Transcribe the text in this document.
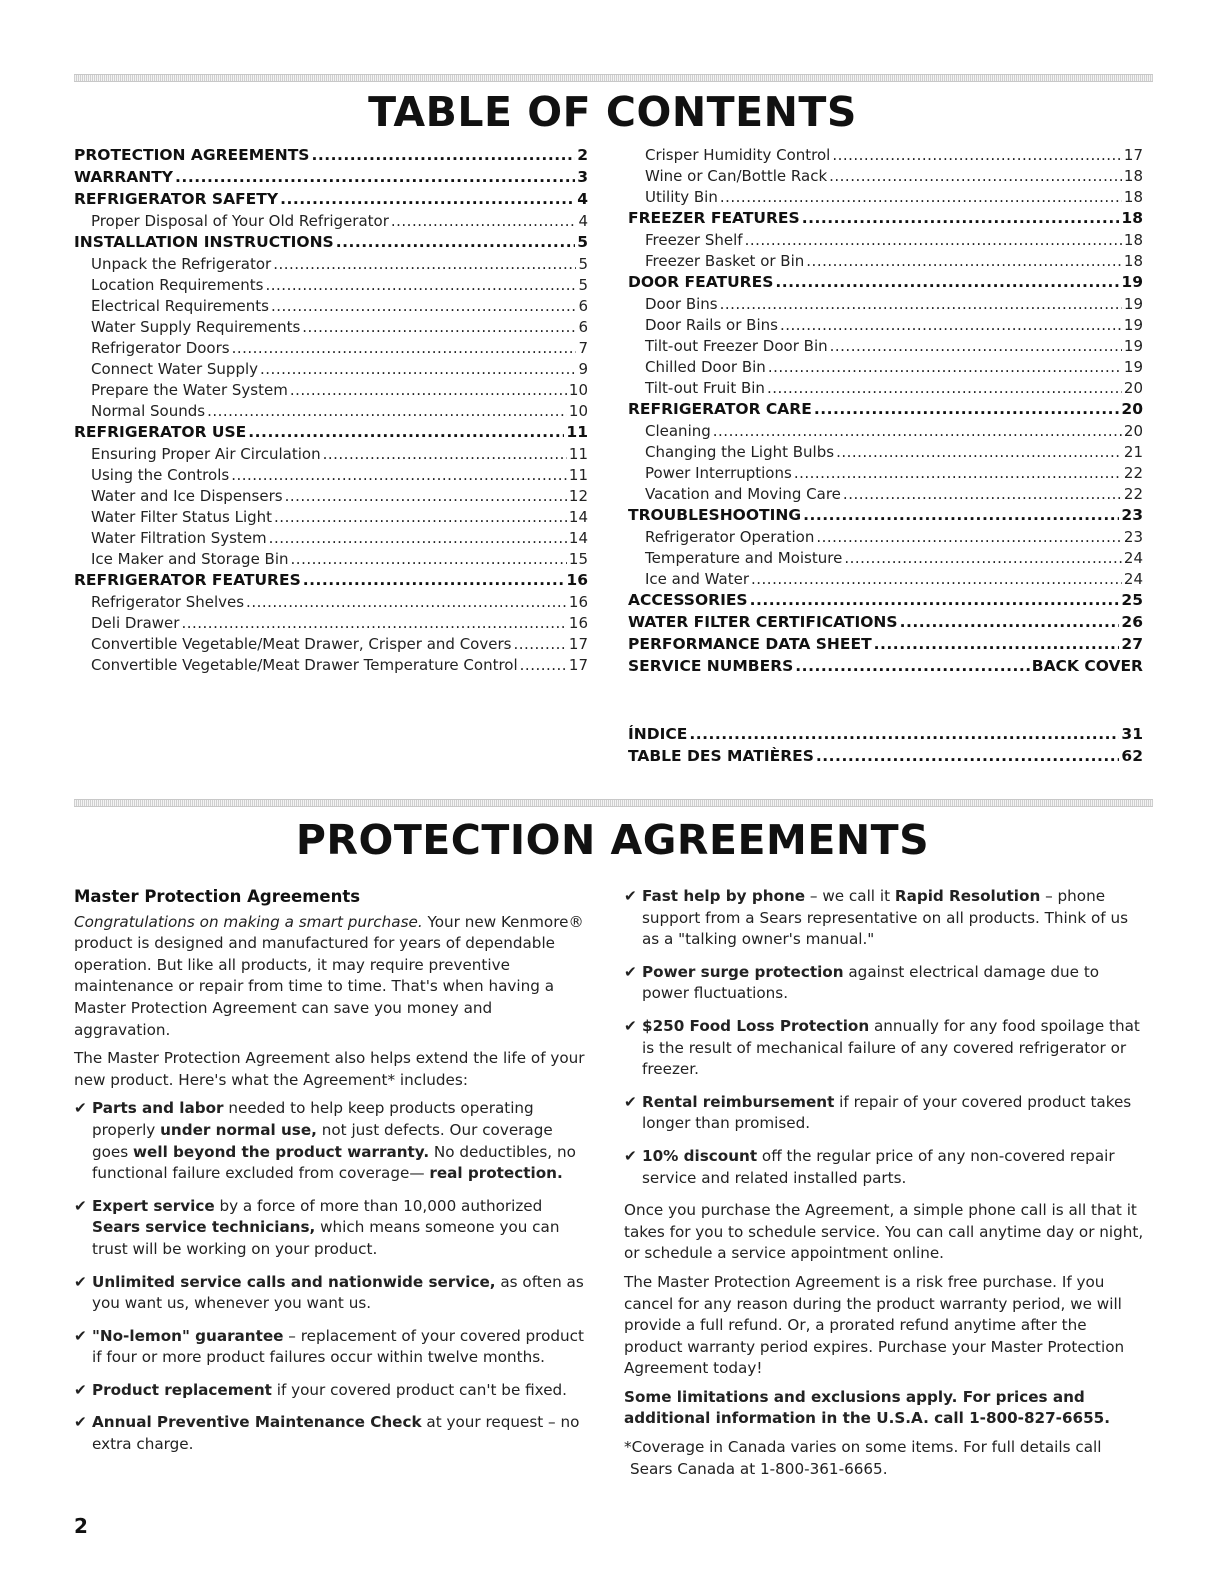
TABLE OF CONTENTS
PROTECTION AGREEMENTS .....	2
WARRANTY .....	3
REFRIGERATOR SAFETY .....	4
Proper Disposal of Your Old Refrigerator .....	4
INSTALLATION INSTRUCTIONS .....	5
Unpack the Refrigerator .....	5
Location Requirements .....	5
Electrical Requirements .....	6
Water Supply Requirements .....	6
Refrigerator Doors .....	7
Connect Water Supply .....	9
Prepare the Water System .....	10
Normal Sounds .....	10
REFRIGERATOR USE .....	11
Ensuring Proper Air Circulation .....	11
Using the Controls .....	11
Water and Ice Dispensers .....	12
Water Filter Status Light .....	14
Water Filtration System .....	14
Ice Maker and Storage Bin .....	15
REFRIGERATOR FEATURES .....	16
Refrigerator Shelves .....	16
Deli Drawer .....	16
Convertible Vegetable/Meat Drawer, Crisper and Covers .....	17
Convertible Vegetable/Meat Drawer Temperature Control .....	17
Crisper Humidity Control .....	17
Wine or Can/Bottle Rack .....	18
Utility Bin .....	18
FREEZER FEATURES .....	18
Freezer Shelf .....	18
Freezer Basket or Bin .....	18
DOOR FEATURES .....	19
Door Bins .....	19
Door Rails or Bins .....	19
Tilt-out Freezer Door Bin .....	19
Chilled Door Bin .....	19
Tilt-out Fruit Bin .....	20
REFRIGERATOR CARE .....	20
Cleaning .....	20
Changing the Light Bulbs .....	21
Power Interruptions .....	22
Vacation and Moving Care .....	22
TROUBLESHOOTING .....	23
Refrigerator Operation .....	23
Temperature and Moisture .....	24
Ice and Water .....	24
ACCESSORIES .....	25
WATER FILTER CERTIFICATIONS .....	26
PERFORMANCE DATA SHEET .....	27
SERVICE NUMBERS .....	BACK COVER
ÍNDICE .....	31
TABLE DES MATIÈRES .....	62
PROTECTION AGREEMENTS
Master Protection Agreements

Congratulations on making a smart purchase. Your new Kenmore® product is designed and manufactured for years of dependable operation. But like all products, it may require preventive maintenance or repair from time to time. That's when having a Master Protection Agreement can save you money and aggravation.

The Master Protection Agreement also helps extend the life of your new product. Here's what the Agreement* includes:

✔ Parts and labor needed to help keep products operating properly under normal use, not just defects. Our coverage goes well beyond the product warranty. No deductibles, no functional failure excluded from coverage— real protection.
✔ Expert service by a force of more than 10,000 authorized Sears service technicians, which means someone you can trust will be working on your product.
✔ Unlimited service calls and nationwide service, as often as you want us, whenever you want us.
✔ "No-lemon" guarantee – replacement of your covered product if four or more product failures occur within twelve months.
✔ Product replacement if your covered product can't be fixed.
✔ Annual Preventive Maintenance Check at your request – no extra charge.
✔ Fast help by phone – we call it Rapid Resolution – phone support from a Sears representative on all products. Think of us as a "talking owner's manual."
✔ Power surge protection against electrical damage due to power fluctuations.
✔ $250 Food Loss Protection annually for any food spoilage that is the result of mechanical failure of any covered refrigerator or freezer.
✔ Rental reimbursement if repair of your covered product takes longer than promised.
✔ 10% discount off the regular price of any non-covered repair service and related installed parts.

Once you purchase the Agreement, a simple phone call is all that it takes for you to schedule service. You can call anytime day or night, or schedule a service appointment online.

The Master Protection Agreement is a risk free purchase. If you cancel for any reason during the product warranty period, we will provide a full refund. Or, a prorated refund anytime after the product warranty period expires. Purchase your Master Protection Agreement today!

Some limitations and exclusions apply. For prices and additional information in the U.S.A. call 1-800-827-6655.

*Coverage in Canada varies on some items. For full details call
Sears Canada at 1-800-361-6665.
2
